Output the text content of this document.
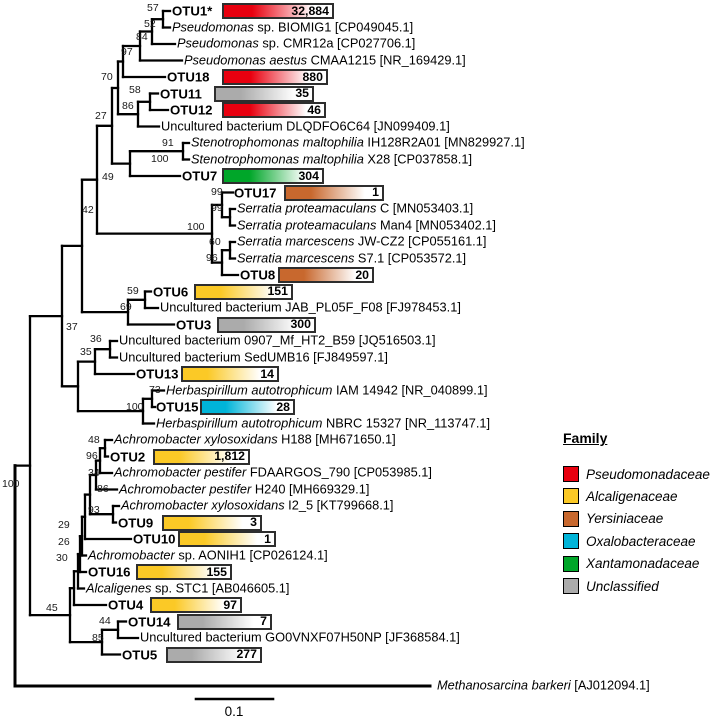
OTU1*	32,884
Pseudomonas sp. BIOMIG1 [CP049045.1]
Pseudomonas sp. CMR12a [CP027706.1]
Pseudomonas aestus CMAA1215 [NR_169429.1]
OTU18	880
OTU11	35
OTU12	46
Uncultured bacterium DLQDFO6C64 [JN099409.1]
Stenotrophomonas maltophilia IH128R2A01 [MN829927.1]
Stenotrophomonas maltophilia X28 [CP037858.1]
OTU7	304
OTU17	1
Serratia proteamaculans C [MN053403.1]
Serratia proteamaculans Man4 [MN053402.1]
Serratia marcescens JW-CZ2 [CP055161.1]
Serratia marcescens S7.1 [CP053572.1]
OTU8	20
OTU6	151
Uncultured bacterium JAB_PL05F_F08 [FJ978453.1]
OTU3	300
Uncultured bacterium 0907_Mf_HT2_B59 [JQ516503.1]
Uncultured bacterium SedUMB16 [FJ849597.1]
OTU13	14
Herbaspirillum autotrophicum IAM 14942 [NR_040899.1]
OTU15	28
Herbaspirillum autotrophicum NBRC 15327 [NR_113747.1]
Achromobacter xylosoxidans H188 [MH671650.1]
OTU2	1,812
Achromobacter pestifer FDAARGOS_790 [CP053985.1]
Achromobacter pestifer H240 [MH669329.1]
Achromobacter xylosoxidans I2_5 [KT799668.1]
OTU9	3
OTU10	1
Achromobacter sp. AONIH1 [CP026124.1]
OTU16	155
Alcaligenes sp. STC1 [AB046605.1]
OTU4	97
OTU14	7
Uncultured bacterium GO0VNXF07H50NP [JF368584.1]
OTU5	277
Methanosarcina barkeri [AJ012094.1]
57
52
84
97
70
58
86
27
91
100
49
99
99
100
60
96
42
59
69
37
36
35
73
100
48
96
34
86
93
29
26
30
45
44
85
100
Family
Pseudomonadaceae
Alcaligenaceae
Yersiniaceae
Oxalobacteraceae
Xantamonadaceae
Unclassified
0.1
